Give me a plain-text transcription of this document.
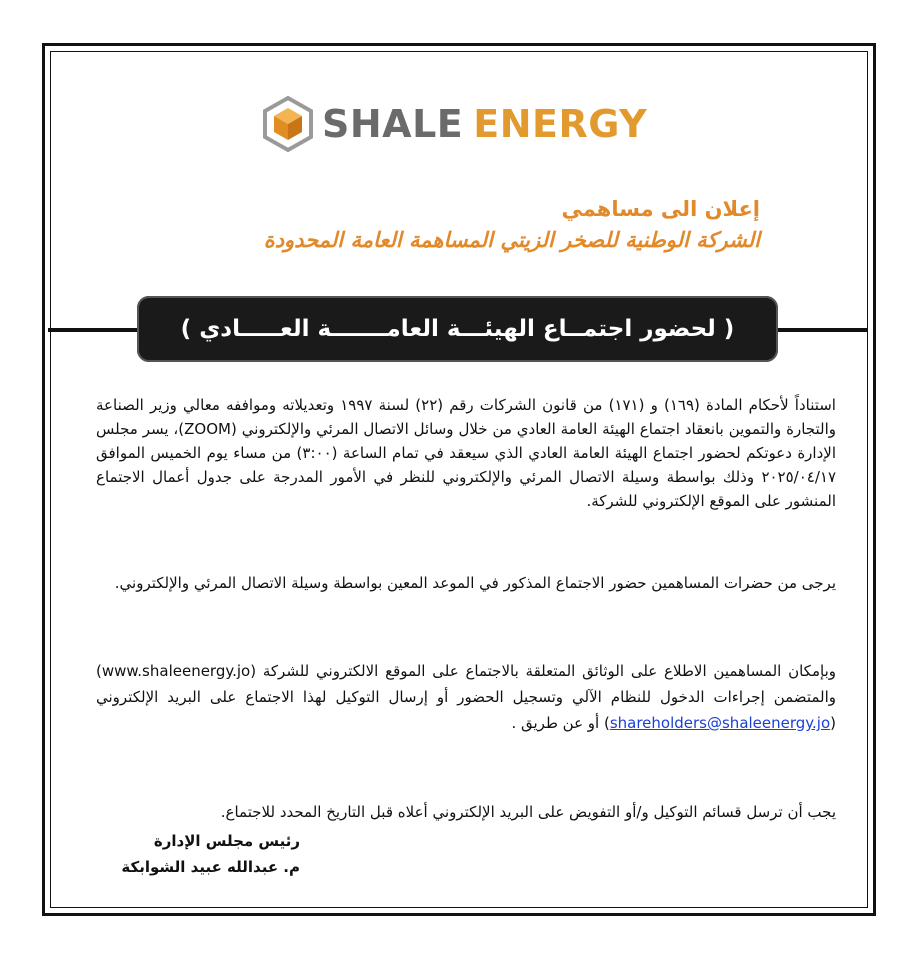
SHALE ENERGY
إعلان الى مساهمي
الشركة الوطنية للصخر الزيتي المساهمة العامة المحدودة
( لحضور اجتمــاع الهيئـــة العامـــــــة العـــــادي )
استناداً لأحكام المادة (١٦٩) و (١٧١) من قانون الشركات رقم (٢٢) لسنة ١٩٩٧ وتعديلاته ومواففه معالي وزير الصناعة والتجارة والتموين بانعقاد اجتماع الهيئة العامة العادي من خلال وسائل الاتصال المرئي والإلكتروني (ZOOM)، يسر مجلس الإدارة دعوتكم لحضور اجتماع الهيئة العامة العادي الذي سيعقد في تمام الساعة (٣:٠٠) من مساء يوم الخميس الموافق ٢٠٢٥/٠٤/١٧ وذلك بواسطة وسيلة الاتصال المرئي والإلكتروني للنظر في الأمور المدرجة على جدول أعمال الاجتماع المنشور على الموقع الإلكتروني للشركة.
يرجى من حضرات المساهمين حضور الاجتماع المذكور في الموعد المعين بواسطة وسيلة الاتصال المرئي والإلكتروني.
وبإمكان المساهمين الاطلاع على الوثائق المتعلقة بالاجتماع على الموقع الالكتروني للشركة (www.shaleenergy.jo) والمتضمن إجراءات الدخول للنظام الآلي وتسجيل الحضور أو إرسال التوكيل لهذا الاجتماع على البريد الإلكتروني (shareholders@shaleenergy.jo) أو عن طريق .
يجب أن ترسل قسائم التوكيل و/أو التفويض على البريد الإلكتروني أعلاه قبل التاريخ المحدد للاجتماع.
رئيس مجلس الإدارة
م. عبدالله عبيد الشوابكة
